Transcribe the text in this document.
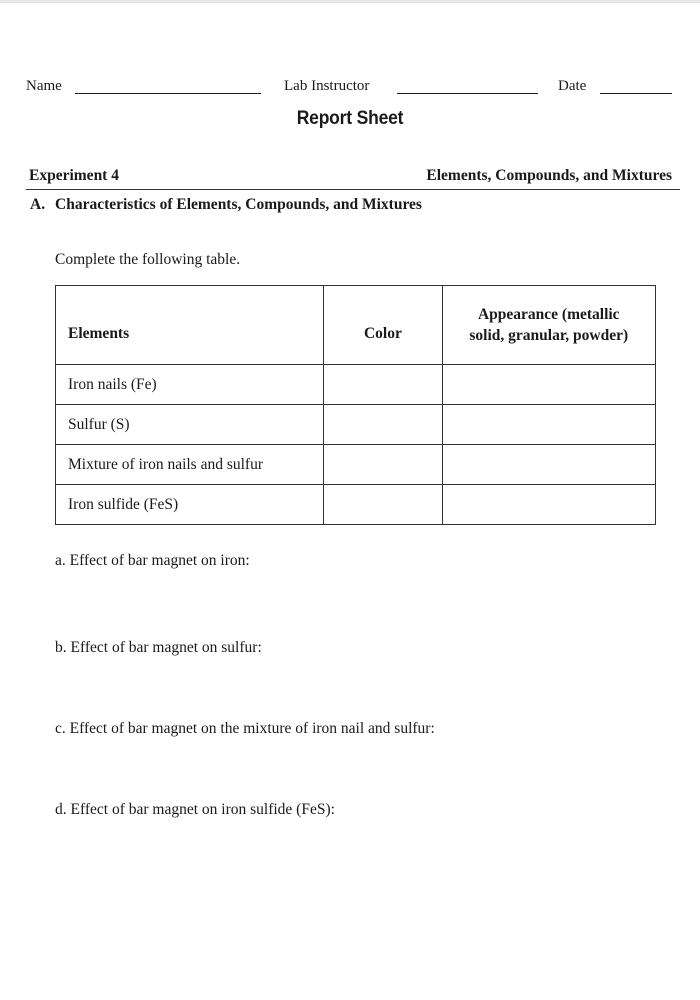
Name	Lab Instructor	Date
Report Sheet
Experiment 4	Elements, Compounds, and Mixtures
A. Characteristics of Elements, Compounds, and Mixtures
Complete the following table.
Elements	Color	Appearance (metallic
solid, granular, powder)
Iron nails (Fe)		
Sulfur (S)		
Mixture of iron nails and sulfur		
Iron sulfide (FeS)		
a. Effect of bar magnet on iron:
b. Effect of bar magnet on sulfur:
c. Effect of bar magnet on the mixture of iron nail and sulfur:
d. Effect of bar magnet on iron sulfide (FeS):
